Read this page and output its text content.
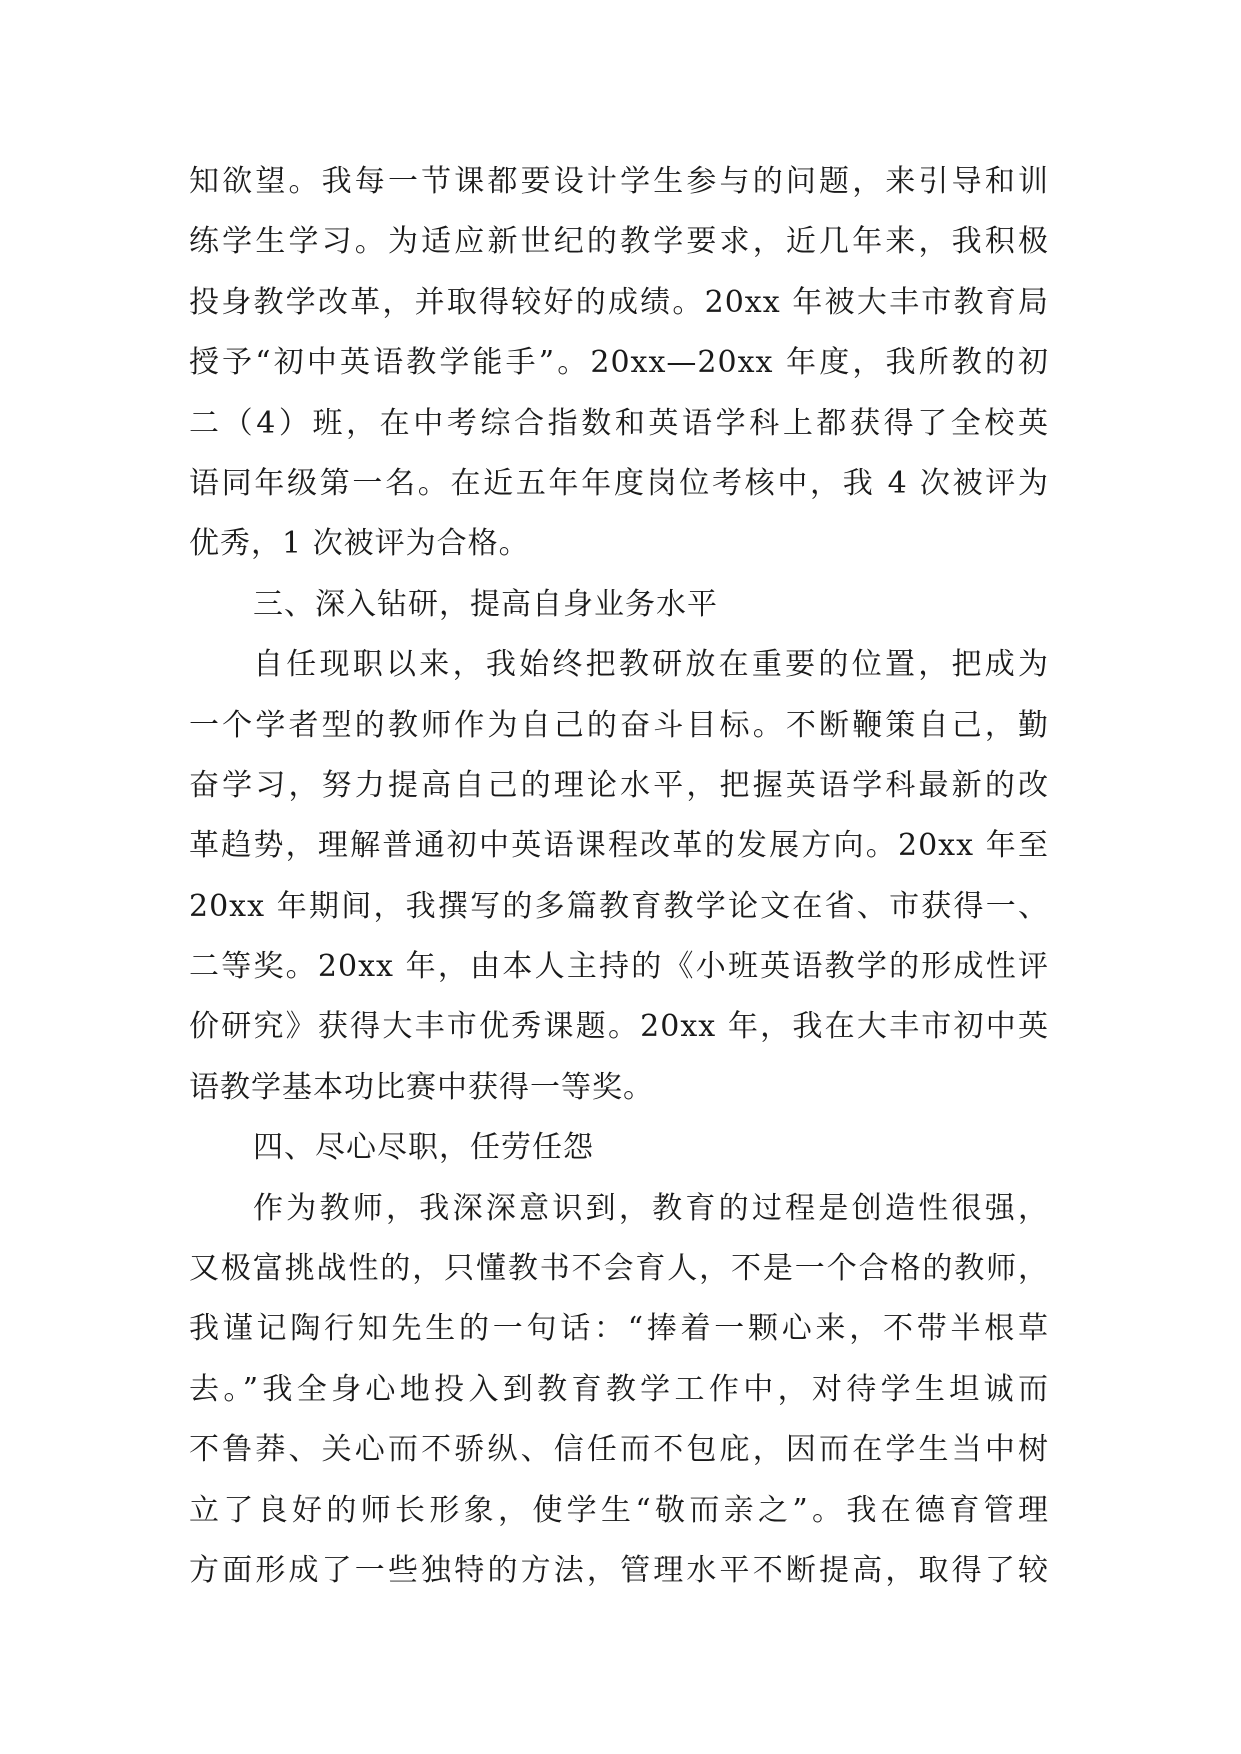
知欲望。我每一节课都要设计学生参与的问题，来引导和训
练学生学习。为适应新世纪的教学要求，近几年来，我积极
投身教学改革，并取得较好的成绩。20xx 年被大丰市教育局
授予“初中英语教学能手”。20xx—20xx 年度，我所教的初
二（4）班，在中考综合指数和英语学科上都获得了全校英
语同年级第一名。在近五年年度岗位考核中，我 4 次被评为
优秀，1 次被评为合格。
三、深入钻研，提高自身业务水平
自任现职以来，我始终把教研放在重要的位置，把成为
一个学者型的教师作为自己的奋斗目标。不断鞭策自己，勤
奋学习，努力提高自己的理论水平，把握英语学科最新的改
革趋势，理解普通初中英语课程改革的发展方向。20xx 年至
20xx 年期间，我撰写的多篇教育教学论文在省、市获得一、
二等奖。20xx 年，由本人主持的《小班英语教学的形成性评
价研究》获得大丰市优秀课题。20xx 年，我在大丰市初中英
语教学基本功比赛中获得一等奖。
四、尽心尽职，任劳任怨
作为教师，我深深意识到，教育的过程是创造性很强，
又极富挑战性的，只懂教书不会育人，不是一个合格的教师，
我谨记陶行知先生的一句话：“捧着一颗心来，不带半根草
去。”我全身心地投入到教育教学工作中，对待学生坦诚而
不鲁莽、关心而不骄纵、信任而不包庇，因而在学生当中树
立了良好的师长形象，使学生“敬而亲之”。我在德育管理
方面形成了一些独特的方法，管理水平不断提高，取得了较
